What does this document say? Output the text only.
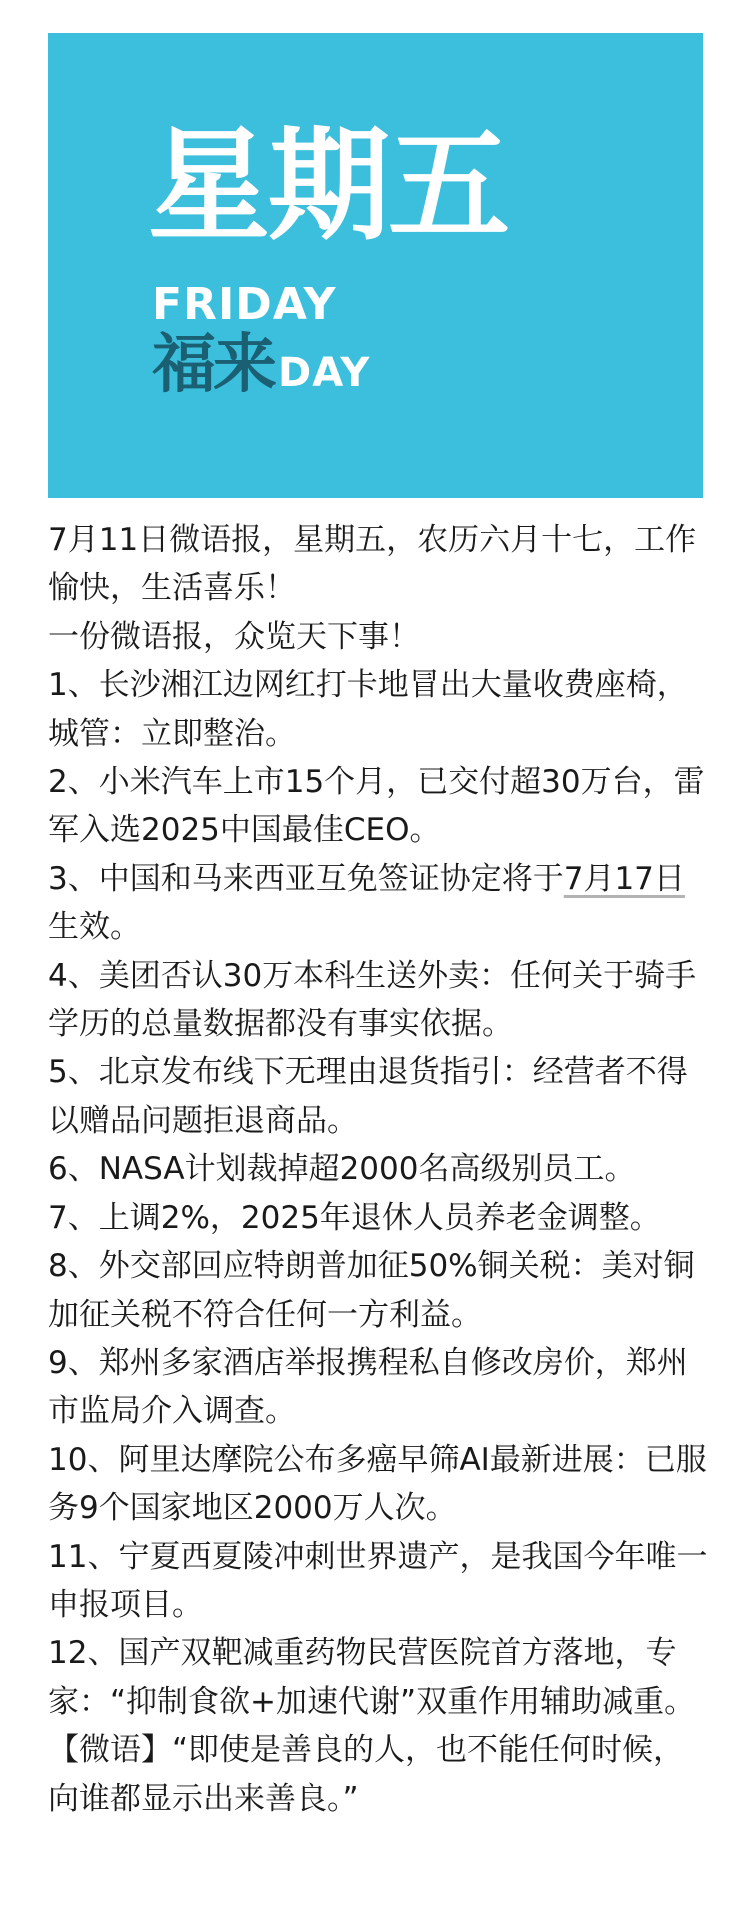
星期五
FRIDAY
福来 DAY

7月11日微语报，星期五，农历六月十七，工作愉快，生活喜乐！

一份微语报，众览天下事！

1、长沙湘江边网红打卡地冒出大量收费座椅，城管：立即整治。

2、小米汽车上市15个月，已交付超30万台，雷军入选2025中国最佳CEO。

3、中国和马来西亚互免签证协定将于7月17日生效。

4、美团否认30万本科生送外卖：任何关于骑手学历的总量数据都没有事实依据。

5、北京发布线下无理由退货指引：经营者不得以赠品问题拒退商品。

6、NASA计划裁掉超2000名高级别员工。

7、上调2%，2025年退休人员养老金调整。

8、外交部回应特朗普加征50%铜关税：美对铜加征关税不符合任何一方利益。

9、郑州多家酒店举报携程私自修改房价，郑州市监局介入调查。

10、阿里达摩院公布多癌早筛AI最新进展：已服务9个国家地区2000万人次。

11、宁夏西夏陵冲刺世界遗产，是我国今年唯一申报项目。

12、国产双靶减重药物民营医院首方落地，专家：“抑制食欲+加速代谢”双重作用辅助减重。

【微语】“即使是善良的人，也不能任何时候，向谁都显示出来善良。”
